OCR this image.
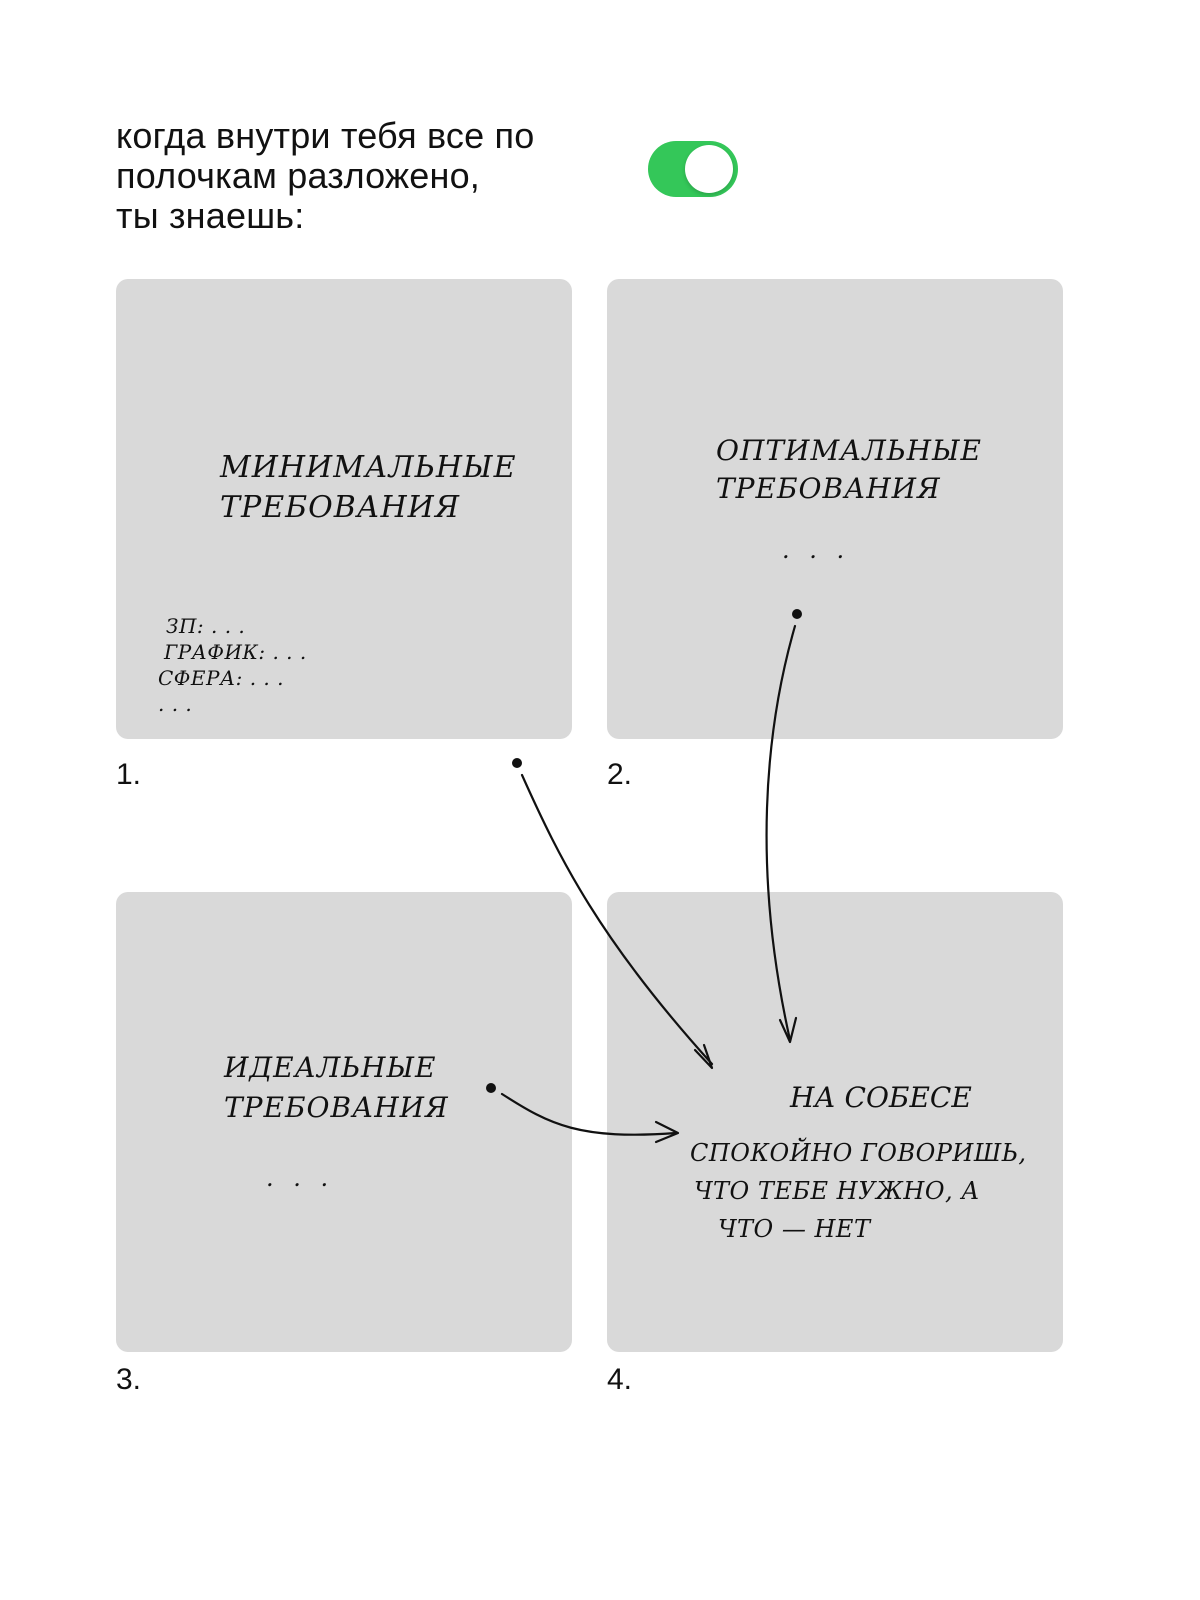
когда внутри тебя все по
полочкам разложено,
ты знаешь:
МИНИМАЛЬНЫЕ
ТРЕБОВАНИЯ
ЗП: . . .
ГРАФИК: . . .
СФЕРА: . . .
. . .
1.
ОПТИМАЛЬНЫЕ
ТРЕБОВАНИЯ
. . .
2.
ИДЕАЛЬНЫЕ
ТРЕБОВАНИЯ
. . .
3.
НА СОБЕСЕ
СПОКОЙНО ГОВОРИШЬ,
ЧТО ТЕБЕ НУЖНО, А
ЧТО — НЕТ
4.
